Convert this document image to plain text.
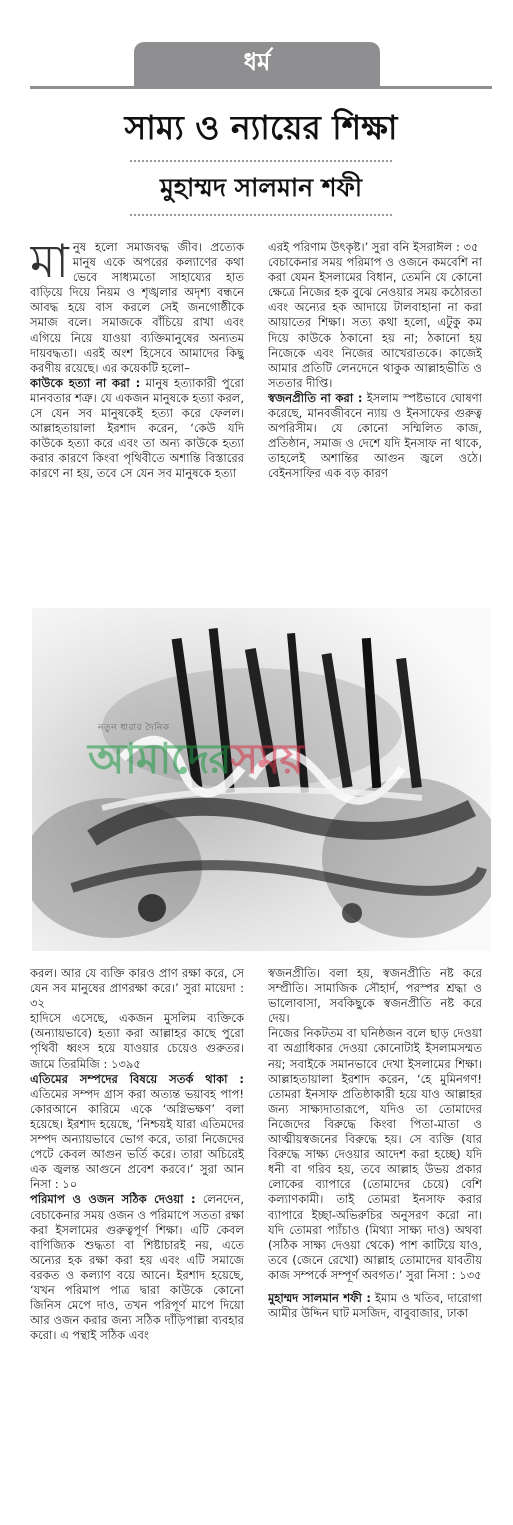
ধর্ম
সাম্য ও ন্যায়ের শিক্ষা
মুহাম্মদ সালমান শফী

মানুষ হলো সমাজবদ্ধ জীব। প্রত্যেক মানুষ একে অপরের কল্যাণের কথা ভেবে সাধ্যমতো সাহায্যের হাত বাড়িয়ে দিয়ে নিয়ম ও শৃঙ্খলার অদৃশ্য বন্ধনে আবদ্ধ হয়ে বাস করলে সেই জনগোষ্ঠীকে সমাজ বলে। সমাজকে বাঁচিয়ে রাখা এবং এগিয়ে নিয়ে যাওয়া ব্যক্তিমানুষের অন্যতম দায়বদ্ধতা। এরই অংশ হিসেবে আমাদের কিছু করণীয় রয়েছে। এর কয়েকটি হলো–

কাউকে হত্যা না করা : মানুষ হত্যাকারী পুরো মানবতার শত্রু। যে একজন মানুষকে হত্যা করল, সে যেন সব মানুষকেই হত্যা করে ফেলল। আল্লাহতায়ালা ইরশাদ করেন, ‘কেউ যদি কাউকে হত্যা করে এবং তা অন্য কাউকে হত্যা করার কারণে কিংবা পৃথিবীতে অশান্তি বিস্তারের কারণে না হয়, তবে সে যেন সব মানুষকে হত্যা

এরই পরিণাম উৎকৃষ্ট।’ সুরা বনি ইসরাঈল : ৩৫

বেচাকেনার সময় পরিমাপ ও ওজনে কমবেশি না করা যেমন ইসলামের বিধান, তেমনি যে কোনো ক্ষেত্রে নিজের হক বুঝে নেওয়ার সময় কঠোরতা এবং অন্যের হক আদায়ে টালবাহানা না করা আয়াতের শিক্ষা। সত্য কথা হলো, এটুকু কম দিয়ে কাউকে ঠকানো হয় না; ঠকানো হয় নিজেকে এবং নিজের আখেরাতকে। কাজেই আমার প্রতিটি লেনদেনে থাকুক আল্লাহভীতি ও সততার দীপ্তি।

স্বজনপ্রীতি না করা : ইসলাম স্পষ্টভাবে ঘোষণা করেছে, মানবজীবনে ন্যায় ও ইনসাফের গুরুত্ব অপরিসীম। যে কোনো সম্মিলিত কাজ, প্রতিষ্ঠান, সমাজ ও দেশে যদি ইনসাফ না থাকে, তাহলেই অশান্তির আগুন জ্বলে ওঠে। বেইনসাফির এক বড় কারণ

নতুন ধারার দৈনিক
আমাদেরসময়

করল। আর যে ব্যক্তি কারও প্রাণ রক্ষা করে, সে যেন সব মানুষের প্রাণরক্ষা করে।’ সুরা মায়েদা : ৩২

হাদিসে এসেছে, একজন মুসলিম ব্যক্তিকে (অন্যায়ভাবে) হত্যা করা আল্লাহর কাছে পুরো পৃথিবী ধ্বংস হয়ে যাওয়ার চেয়েও গুরুতর। জামে তিরমিজি : ১৩৯৫

এতিমের সম্পদের বিষয়ে সতর্ক থাকা : এতিমের সম্পদ গ্রাস করা অত্যন্ত ভয়াবহ পাপ! কোরআনে কারিমে একে ‘অগ্নিভক্ষণ’ বলা হয়েছে। ইরশাদ হয়েছে, ‘নিশ্চয়ই যারা এতিমদের সম্পদ অন্যায়ভাবে ভোগ করে, তারা নিজেদের পেটে কেবল আগুন ভর্তি করে। তারা অচিরেই এক জ্বলন্ত আগুনে প্রবেশ করবে।’ সুরা আন নিসা : ১০

পরিমাপ ও ওজন সঠিক দেওয়া : লেনদেন, বেচাকেনার সময় ওজন ও পরিমাপে সততা রক্ষা করা ইসলামের গুরুত্বপূর্ণ শিক্ষা। এটি কেবল বাণিজ্যিক শুদ্ধতা বা শিষ্টাচারই নয়, এতে অন্যের হক রক্ষা করা হয় এবং এটি সমাজে বরকত ও কল্যাণ বয়ে আনে। ইরশাদ হয়েছে, ‘যখন পরিমাপ পাত্র দ্বারা কাউকে কোনো জিনিস মেপে দাও, তখন পরিপূর্ণ মাপে দিয়ো আর ওজন করার জন্য সঠিক দাঁড়িপাল্লা ব্যবহার করো। এ পন্থাই সঠিক এবং

স্বজনপ্রীতি। বলা হয়, স্বজনপ্রীতি নষ্ট করে সম্প্রীতি। সামাজিক সৌহার্দ, পরস্পর শ্রদ্ধা ও ভালোবাসা, সবকিছুকে স্বজনপ্রীতি নষ্ট করে দেয়।

নিজের নিকটতম বা ঘনিষ্ঠজন বলে ছাড় দেওয়া বা অগ্রাধিকার দেওয়া কোনোটাই ইসলামসম্মত নয়; সবাইকে সমানভাবে দেখা ইসলামের শিক্ষা। আল্লাহতায়ালা ইরশাদ করেন, ‘হে মুমিনগণ! তোমরা ইনসাফ প্রতিষ্ঠাকারী হয়ে যাও আল্লাহর জন্য সাক্ষ্যদাতারূপে, যদিও তা তোমাদের নিজেদের বিরুদ্ধে কিংবা পিতা-মাতা ও আত্মীয়স্বজনের বিরুদ্ধে হয়। সে ব্যক্তি (যার বিরুদ্ধে সাক্ষ্য দেওয়ার আদেশ করা হচ্ছে) যদি ধনী বা গরিব হয়, তবে আল্লাহ উভয় প্রকার লোকের ব্যাপারে (তোমাদের চেয়ে) বেশি কল্যাণকামী। তাই তোমরা ইনসাফ করার ব্যাপারে ইচ্ছা-অভিরুচির অনুসরণ করো না। যদি তোমরা প্যাঁচাও (মিথ্যা সাক্ষ্য দাও) অথবা (সঠিক সাক্ষ্য দেওয়া থেকে) পাশ কাটিয়ে যাও, তবে (জেনে রেখো) আল্লাহ তোমাদের যাবতীয় কাজ সম্পর্কে সম্পূর্ণ অবগত।’ সুরা নিসা : ১৩৫

মুহাম্মদ সালমান শফী : ইমাম ও খতিব, দারোগা আমীর উদ্দিন ঘাট মসজিদ, বাবুবাজার, ঢাকা
